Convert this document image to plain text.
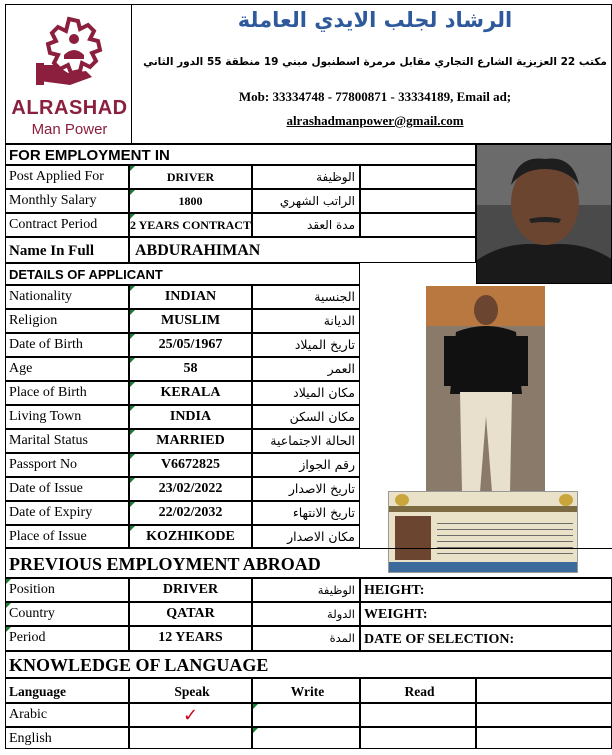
ALRASHAD
Man Power
الرشاد لجلب الايدي العاملة
مكتب 22 العزيزية الشارع التجاري مقابل مرمرة اسطنبول مبني 19 منطقة 55 الدور الثاني
Mob: 33334748 - 77800871 - 33334189, Email ad;
alrashadmanpower@gmail.com
FOR EMPLOYMENT IN
Post Applied For	DRIVER	الوظيفة
Monthly Salary	1800	الراتب الشهري
Contract Period	2 YEARS CONTRACT	مدة العقد
Name In Full	ABDURAHIMAN
DETAILS OF APPLICANT
Nationality	INDIAN	الجنسية
Religion	MUSLIM	الديانة
Date of Birth	25/05/1967	تاريخ الميلاد
Age	58	العمر
Place of Birth	KERALA	مكان الميلاد
Living Town	INDIA	مكان السكن
Marital Status	MARRIED	الحالة الاجتماعية
Passport No	V6672825	رقم الجواز
Date of Issue	23/02/2022	تاريخ الاصدار
Date of Expiry	22/02/2032	تاريخ الانتهاء
Place of Issue	KOZHIKODE	مكان الاصدار
PREVIOUS EMPLOYMENT ABROAD
Position	DRIVER	الوظيفة HEIGHT:
Country	QATAR	الدولة WEIGHT:
Period	12 YEARS	المدة DATE OF SELECTION:
KNOWLEDGE OF LANGUAGE
Language	Speak	Write	Read
Arabic	✓
English
